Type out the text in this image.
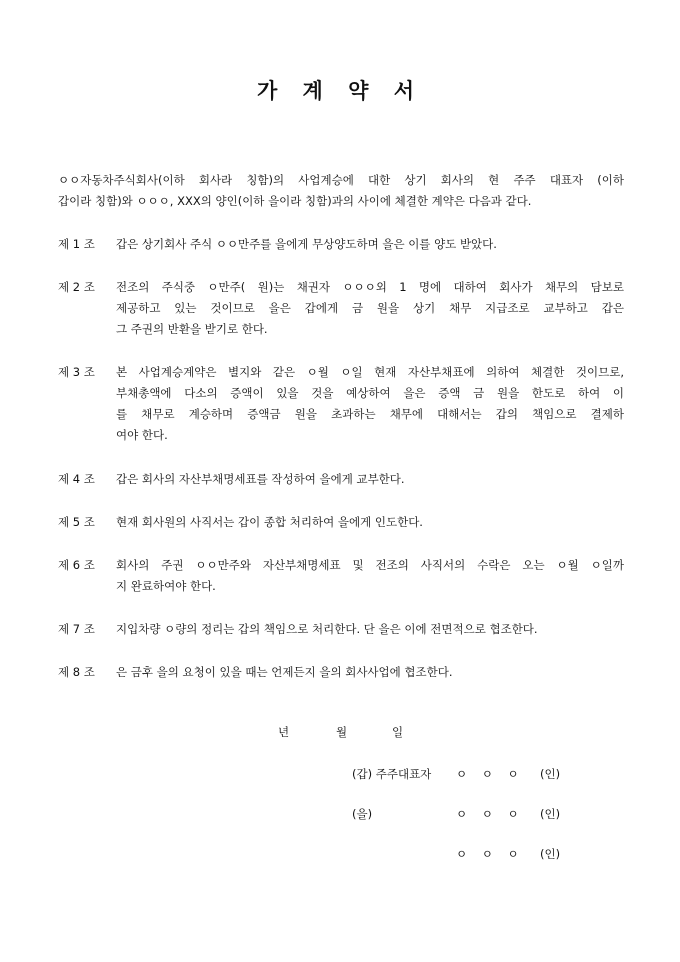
가 계 약 서
ㅇㅇ자동차주식회사(이하 회사라 칭함)의 사업계승에 대한 상기 회사의 현 주주 대표자 (이하
갑이라 칭함)와 ㅇㅇㅇ, XXX의 양인(이하 을이라 칭함)과의 사이에 체결한 계약은 다음과 같다.
제 1 조 갑은 상기회사 주식 ㅇㅇ만주를 을에게 무상양도하며 을은 이를 양도 받았다.
제 2 조 전조의 주식중 ㅇ만주( 원)는 채권자 ㅇㅇㅇ외 1 명에 대하여 회사가 채무의 담보로
제공하고 있는 것이므로 을은 갑에게 금 원을 상기 채무 지급조로 교부하고 갑은
그 주권의 반환을 받기로 한다.
제 3 조 본 사업계승계약은 별지와 같은 ㅇ월 ㅇ일 현재 자산부채표에 의하여 체결한 것이므로,
부채총액에 다소의 증액이 있을 것을 예상하여 을은 증액 금 원을 한도로 하여 이
를 채무로 계승하며 증액금 원을 초과하는 채무에 대해서는 갑의 책임으로 결제하
여야 한다.
제 4 조 갑은 회사의 자산부채명세표를 작성하여 을에게 교부한다.
제 5 조 현재 회사원의 사직서는 갑이 종합 처리하여 을에게 인도한다.
제 6 조 회사의 주권 ㅇㅇ만주와 자산부채명세표 및 전조의 사직서의 수락은 오는 ㅇ월 ㅇ일까
지 완료하여야 한다.
제 7 조 지입차량 ㅇ량의 정리는 갑의 책임으로 처리한다. 단 을은 이에 전면적으로 협조한다.
제 8 조 은 금후 을의 요청이 있을 때는 언제든지 을의 회사사업에 협조한다.
년	월	일
(갑) 주주대표자 ㅇ    ㅇ    ㅇ (인)
(을)	ㅇ    ㅇ    ㅇ (인)
ㅇ    ㅇ    ㅇ (인)
